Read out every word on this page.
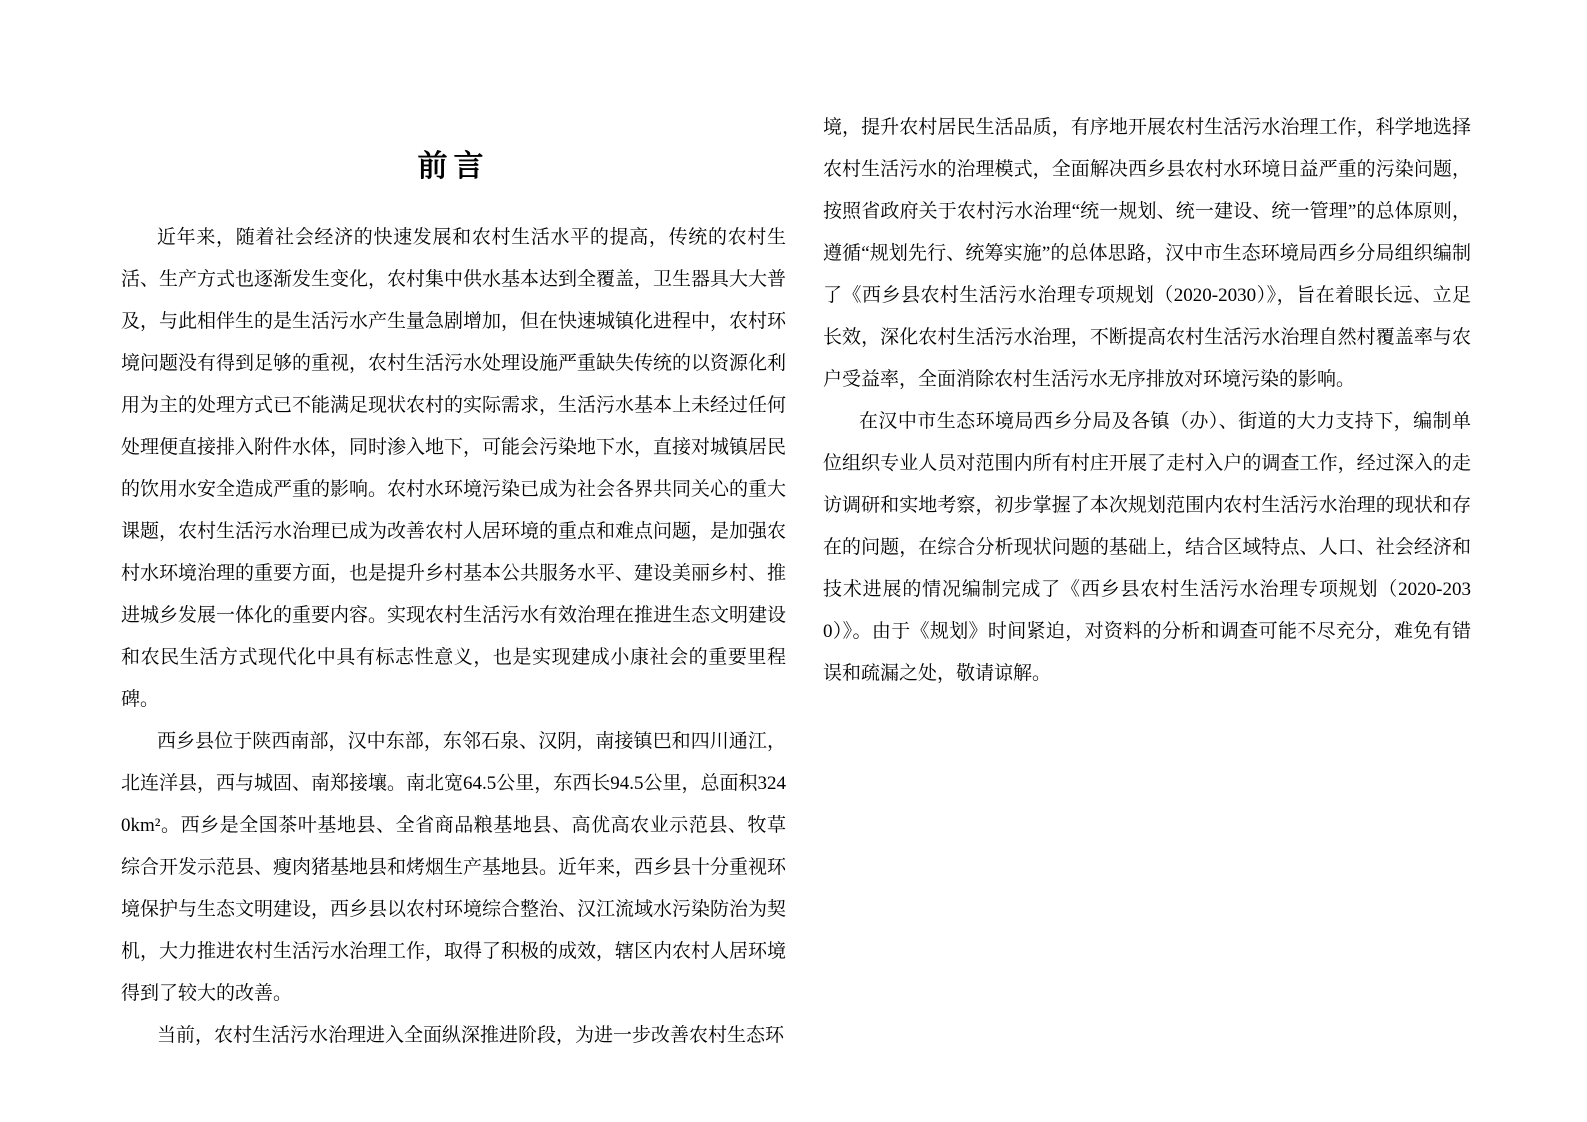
前言

近年来，随着社会经济的快速发展和农村生活水平的提高，传统的农村生活、生产方式也逐渐发生变化，农村集中供水基本达到全覆盖，卫生器具大大普及，与此相伴生的是生活污水产生量急剧增加，但在快速城镇化进程中，农村环境问题没有得到足够的重视，农村生活污水处理设施严重缺失传统的以资源化利用为主的处理方式已不能满足现状农村的实际需求，生活污水基本上未经过任何处理便直接排入附件水体，同时渗入地下，可能会污染地下水，直接对城镇居民的饮用水安全造成严重的影响。农村水环境污染已成为社会各界共同关心的重大课题，农村生活污水治理已成为改善农村人居环境的重点和难点问题，是加强农村水环境治理的重要方面，也是提升乡村基本公共服务水平、建设美丽乡村、推进城乡发展一体化的重要内容。实现农村生活污水有效治理在推进生态文明建设和农民生活方式现代化中具有标志性意义，也是实现建成小康社会的重要里程碑。

西乡县位于陕西南部，汉中东部，东邻石泉、汉阴，南接镇巴和四川通江，北连洋县，西与城固、南郑接壤。南北宽64.5公里，东西长94.5公里，总面积3240km²。西乡是全国茶叶基地县、全省商品粮基地县、高优高农业示范县、牧草综合开发示范县、瘦肉猪基地县和烤烟生产基地县。近年来，西乡县十分重视环境保护与生态文明建设，西乡县以农村环境综合整治、汉江流域水污染防治为契机，大力推进农村生活污水治理工作，取得了积极的成效，辖区内农村人居环境得到了较大的改善。

当前，农村生活污水治理进入全面纵深推进阶段，为进一步改善农村生态环

境，提升农村居民生活品质，有序地开展农村生活污水治理工作，科学地选择农村生活污水的治理模式，全面解决西乡县农村水环境日益严重的污染问题，按照省政府关于农村污水治理“统一规划、统一建设、统一管理”的总体原则，遵循“规划先行、统筹实施”的总体思路，汉中市生态环境局西乡分局组织编制了《西乡县农村生活污水治理专项规划（2020-2030）》，旨在着眼长远、立足长效，深化农村生活污水治理，不断提高农村生活污水治理自然村覆盖率与农户受益率，全面消除农村生活污水无序排放对环境污染的影响。

在汉中市生态环境局西乡分局及各镇（办）、街道的大力支持下，编制单位组织专业人员对范围内所有村庄开展了走村入户的调查工作，经过深入的走访调研和实地考察，初步掌握了本次规划范围内农村生活污水治理的现状和存在的问题，在综合分析现状问题的基础上，结合区域特点、人口、社会经济和技术进展的情况编制完成了《西乡县农村生活污水治理专项规划（2020-2030）》。由于《规划》时间紧迫，对资料的分析和调查可能不尽充分，难免有错误和疏漏之处，敬请谅解。
